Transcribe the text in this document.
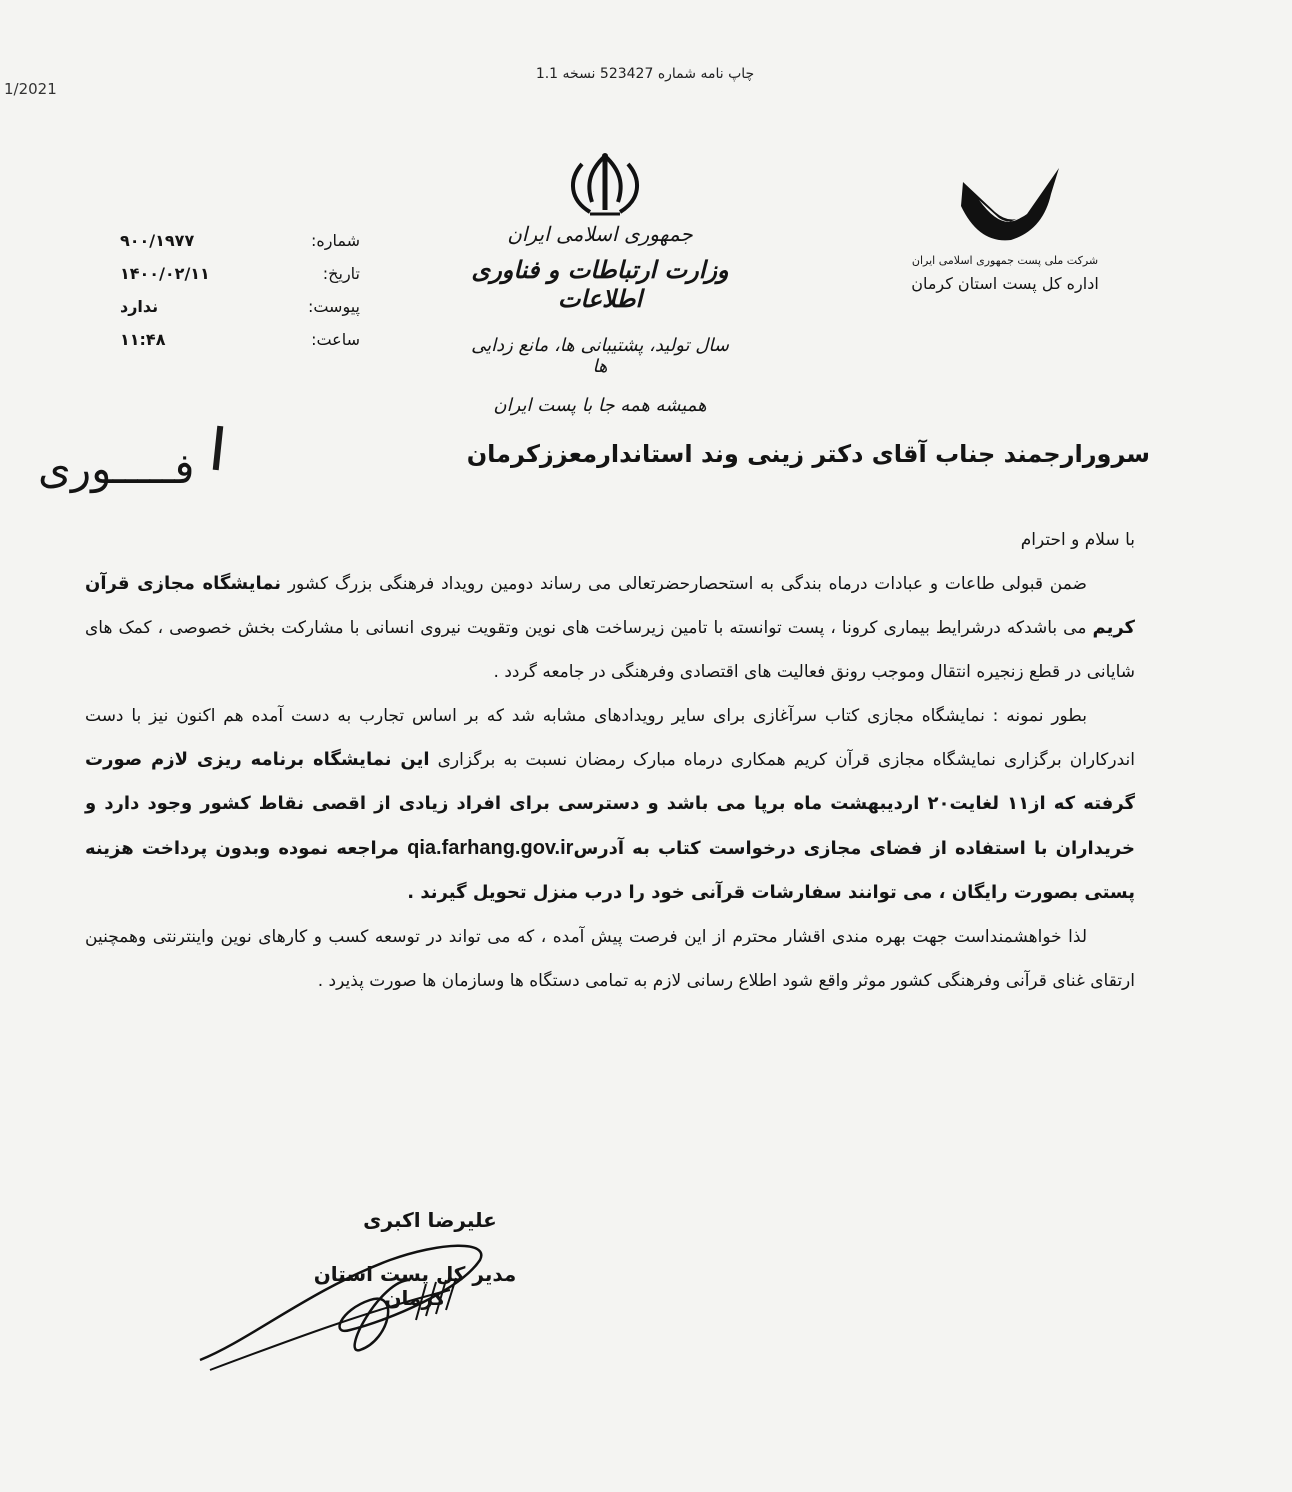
1/2021
چاپ نامه شماره 523427 نسخه 1.1
جمهوری اسلامی ایران
وزارت ارتباطات و فناوری اطلاعات
سال تولید، پشتیبانی ها، مانع زدایی ها
همیشه همه جا با پست ایران
شرکت ملی پست جمهوری اسلامی ایران
اداره کل پست استان کرمان
شماره:
۹۰۰/۱۹۷۷
تاریخ:
۱۴۰۰/۰۲/۱۱
پیوست:
ندارد
ساعت:
۱۱:۴۸
فـــــوری	سرورارجمند جناب آقای دکتر زینی وند استاندارمعززکرمان

با سلام و احترام

ضمن قبولی طاعات و عبادات درماه بندگی به استحصارحضرتعالی می رساند دومین رویداد فرهنگی بزرگ کشور نمایشگاه مجازی قرآن کریم می باشدکه درشرایط بیماری کرونا ، پست توانسته با تامین زیرساخت های نوین وتقویت نیروی انسانی با مشارکت بخش خصوصی ، کمک های شایانی در قطع زنجیره انتقال وموجب رونق فعالیت های اقتصادی وفرهنگی در جامعه گردد .

بطور نمونه : نمایشگاه مجازی کتاب سرآغازی برای سایر رویدادهای مشابه شد که بر اساس تجارب به دست آمده هم اکنون نیز با دست اندرکاران برگزاری نمایشگاه مجازی قرآن کریم همکاری درماه مبارک رمضان نسبت به برگزاری این نمایشگاه برنامه ریزی لازم صورت گرفته که از۱۱ لغایت۲۰ اردیبهشت ماه برپا می باشد و دسترسی برای افراد زیادی از اقصی نقاط کشور وجود دارد و خریداران با استفاده از فضای مجازی درخواست کتاب به آدرسqia.farhang.gov.ir مراجعه نموده وبدون پرداخت هزینه پستی بصورت رایگان ، می توانند سفارشات قرآنی خود را درب منزل تحویل گیرند .

لذا خواهشمنداست جهت بهره مندی اقشار محترم از این فرصت پیش آمده ، که می تواند در توسعه کسب و کارهای نوین واینترنتی وهمچنین ارتقای غنای قرآنی وفرهنگی کشور موثر واقع شود اطلاع رسانی لازم به تمامی دستگاه ها وسازمان ها صورت پذیرد .

علیرضا اکبری
مدیر کل پست استان کرمان
